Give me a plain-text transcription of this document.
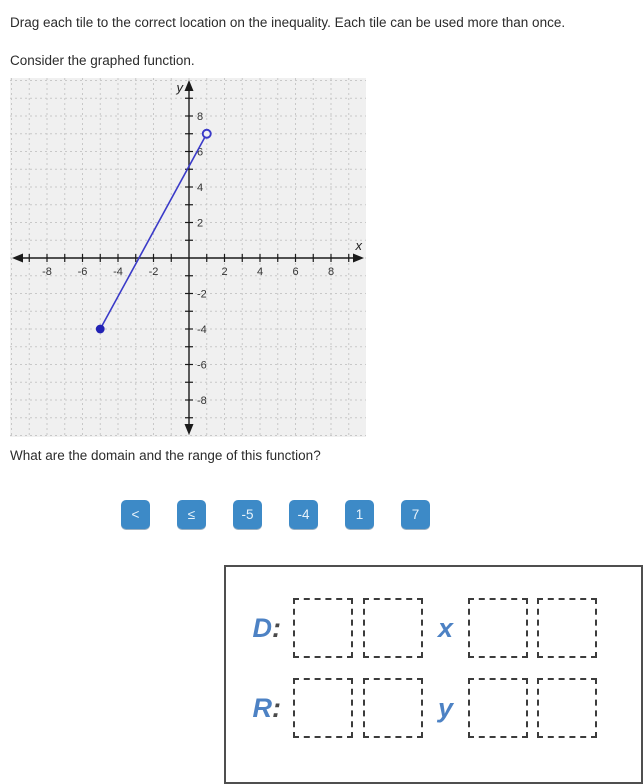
Drag each tile to the correct location on the inequality. Each tile can be used more than once.
Consider the graphed function.
-8
-8
-6
-6
-4
-4
-2
-2
2
2
4
4
6
6
8
8
y
x
What are the domain and the range of this function?
<	≤	-5	-4	1	7
D:	x
R:	y
